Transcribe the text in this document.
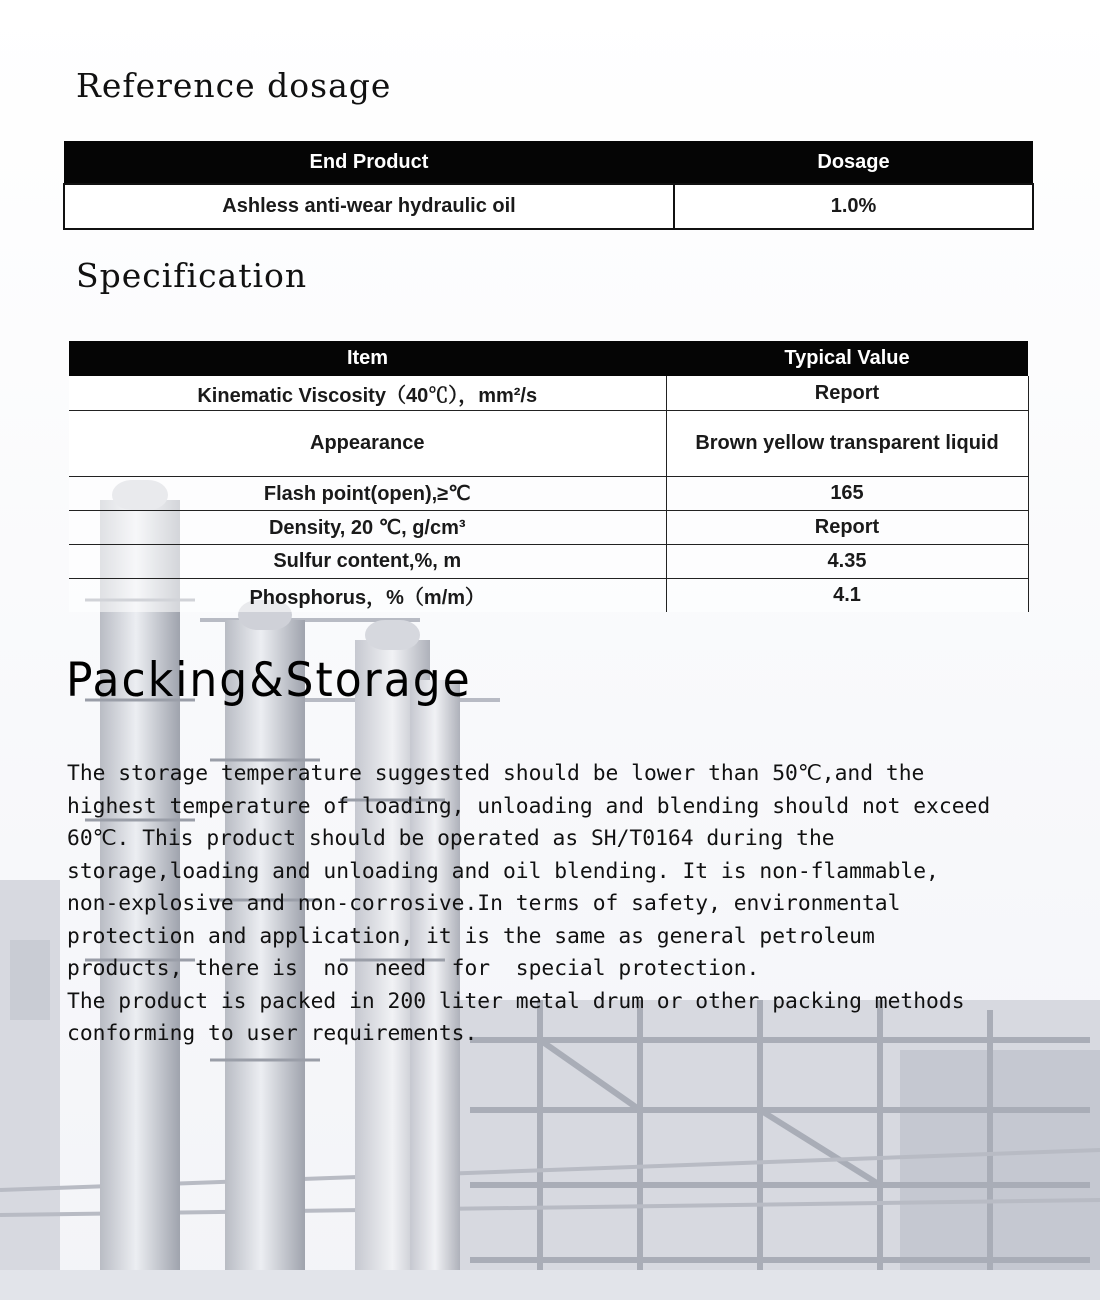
Reference dosage
End Product	Dosage
Ashless anti-wear hydraulic oil	1.0%
Specification
Item	Typical Value
Kinematic Viscosity（40℃），mm²/s	Report
Appearance	Brown yellow transparent liquid
Flash point(open),≥℃	165
Density, 20 ℃, g/cm³	Report
Sulfur content,%, m	4.35
Phosphorus，%（m/m）	4.1
Packing&Storage
The storage temperature suggested should be lower than 50℃,and the
highest temperature of loading, unloading and blending should not exceed
60℃. This product should be operated as SH/T0164 during the
storage,loading and unloading and oil blending. It is non-flammable,
non-explosive and non-corrosive.In terms of safety, environmental
protection and application, it is the same as general petroleum
products, there is  no  need  for  special protection.
The product is packed in 200 liter metal drum or other packing methods
conforming to user requirements.
